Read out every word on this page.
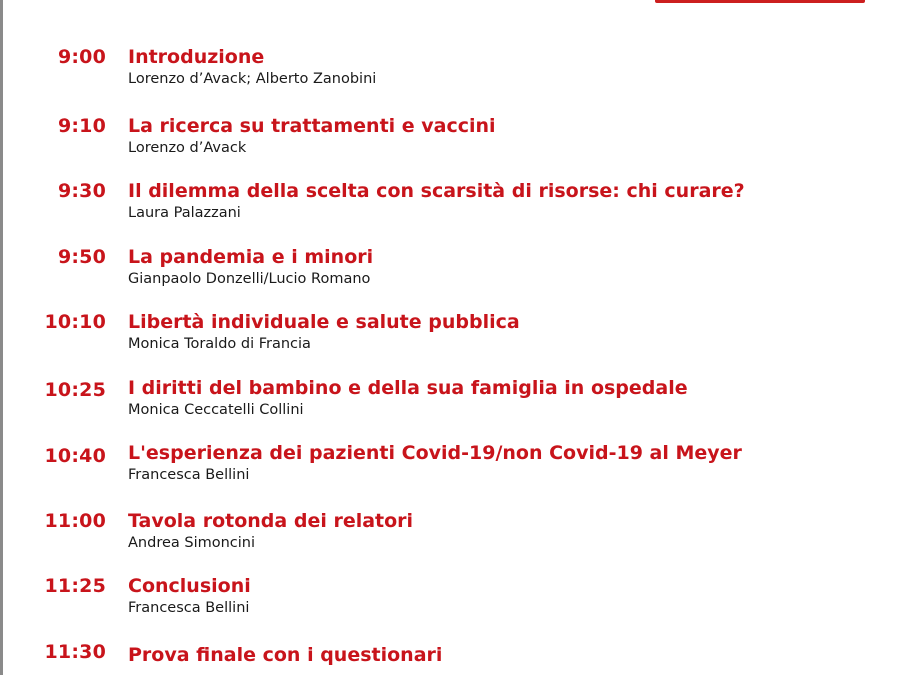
9:00 Introduzione
Lorenzo d’Avack; Alberto Zanobini
9:10 La ricerca su trattamenti e vaccini
Lorenzo d’Avack
9:30 Il dilemma della scelta con scarsità di risorse: chi curare?
Laura Palazzani
9:50 La pandemia e i minori
Gianpaolo Donzelli/Lucio Romano
10:10 Libertà individuale e salute pubblica
Monica Toraldo di Francia
10:25 I diritti del bambino e della sua famiglia in ospedale
Monica Ceccatelli Collini
10:40 L'esperienza dei pazienti Covid-19/non Covid-19 al Meyer
Francesca Bellini
11:00 Tavola rotonda dei relatori
Andrea Simoncini
11:25 Conclusioni
Francesca Bellini
11:30 Prova finale con i questionari
